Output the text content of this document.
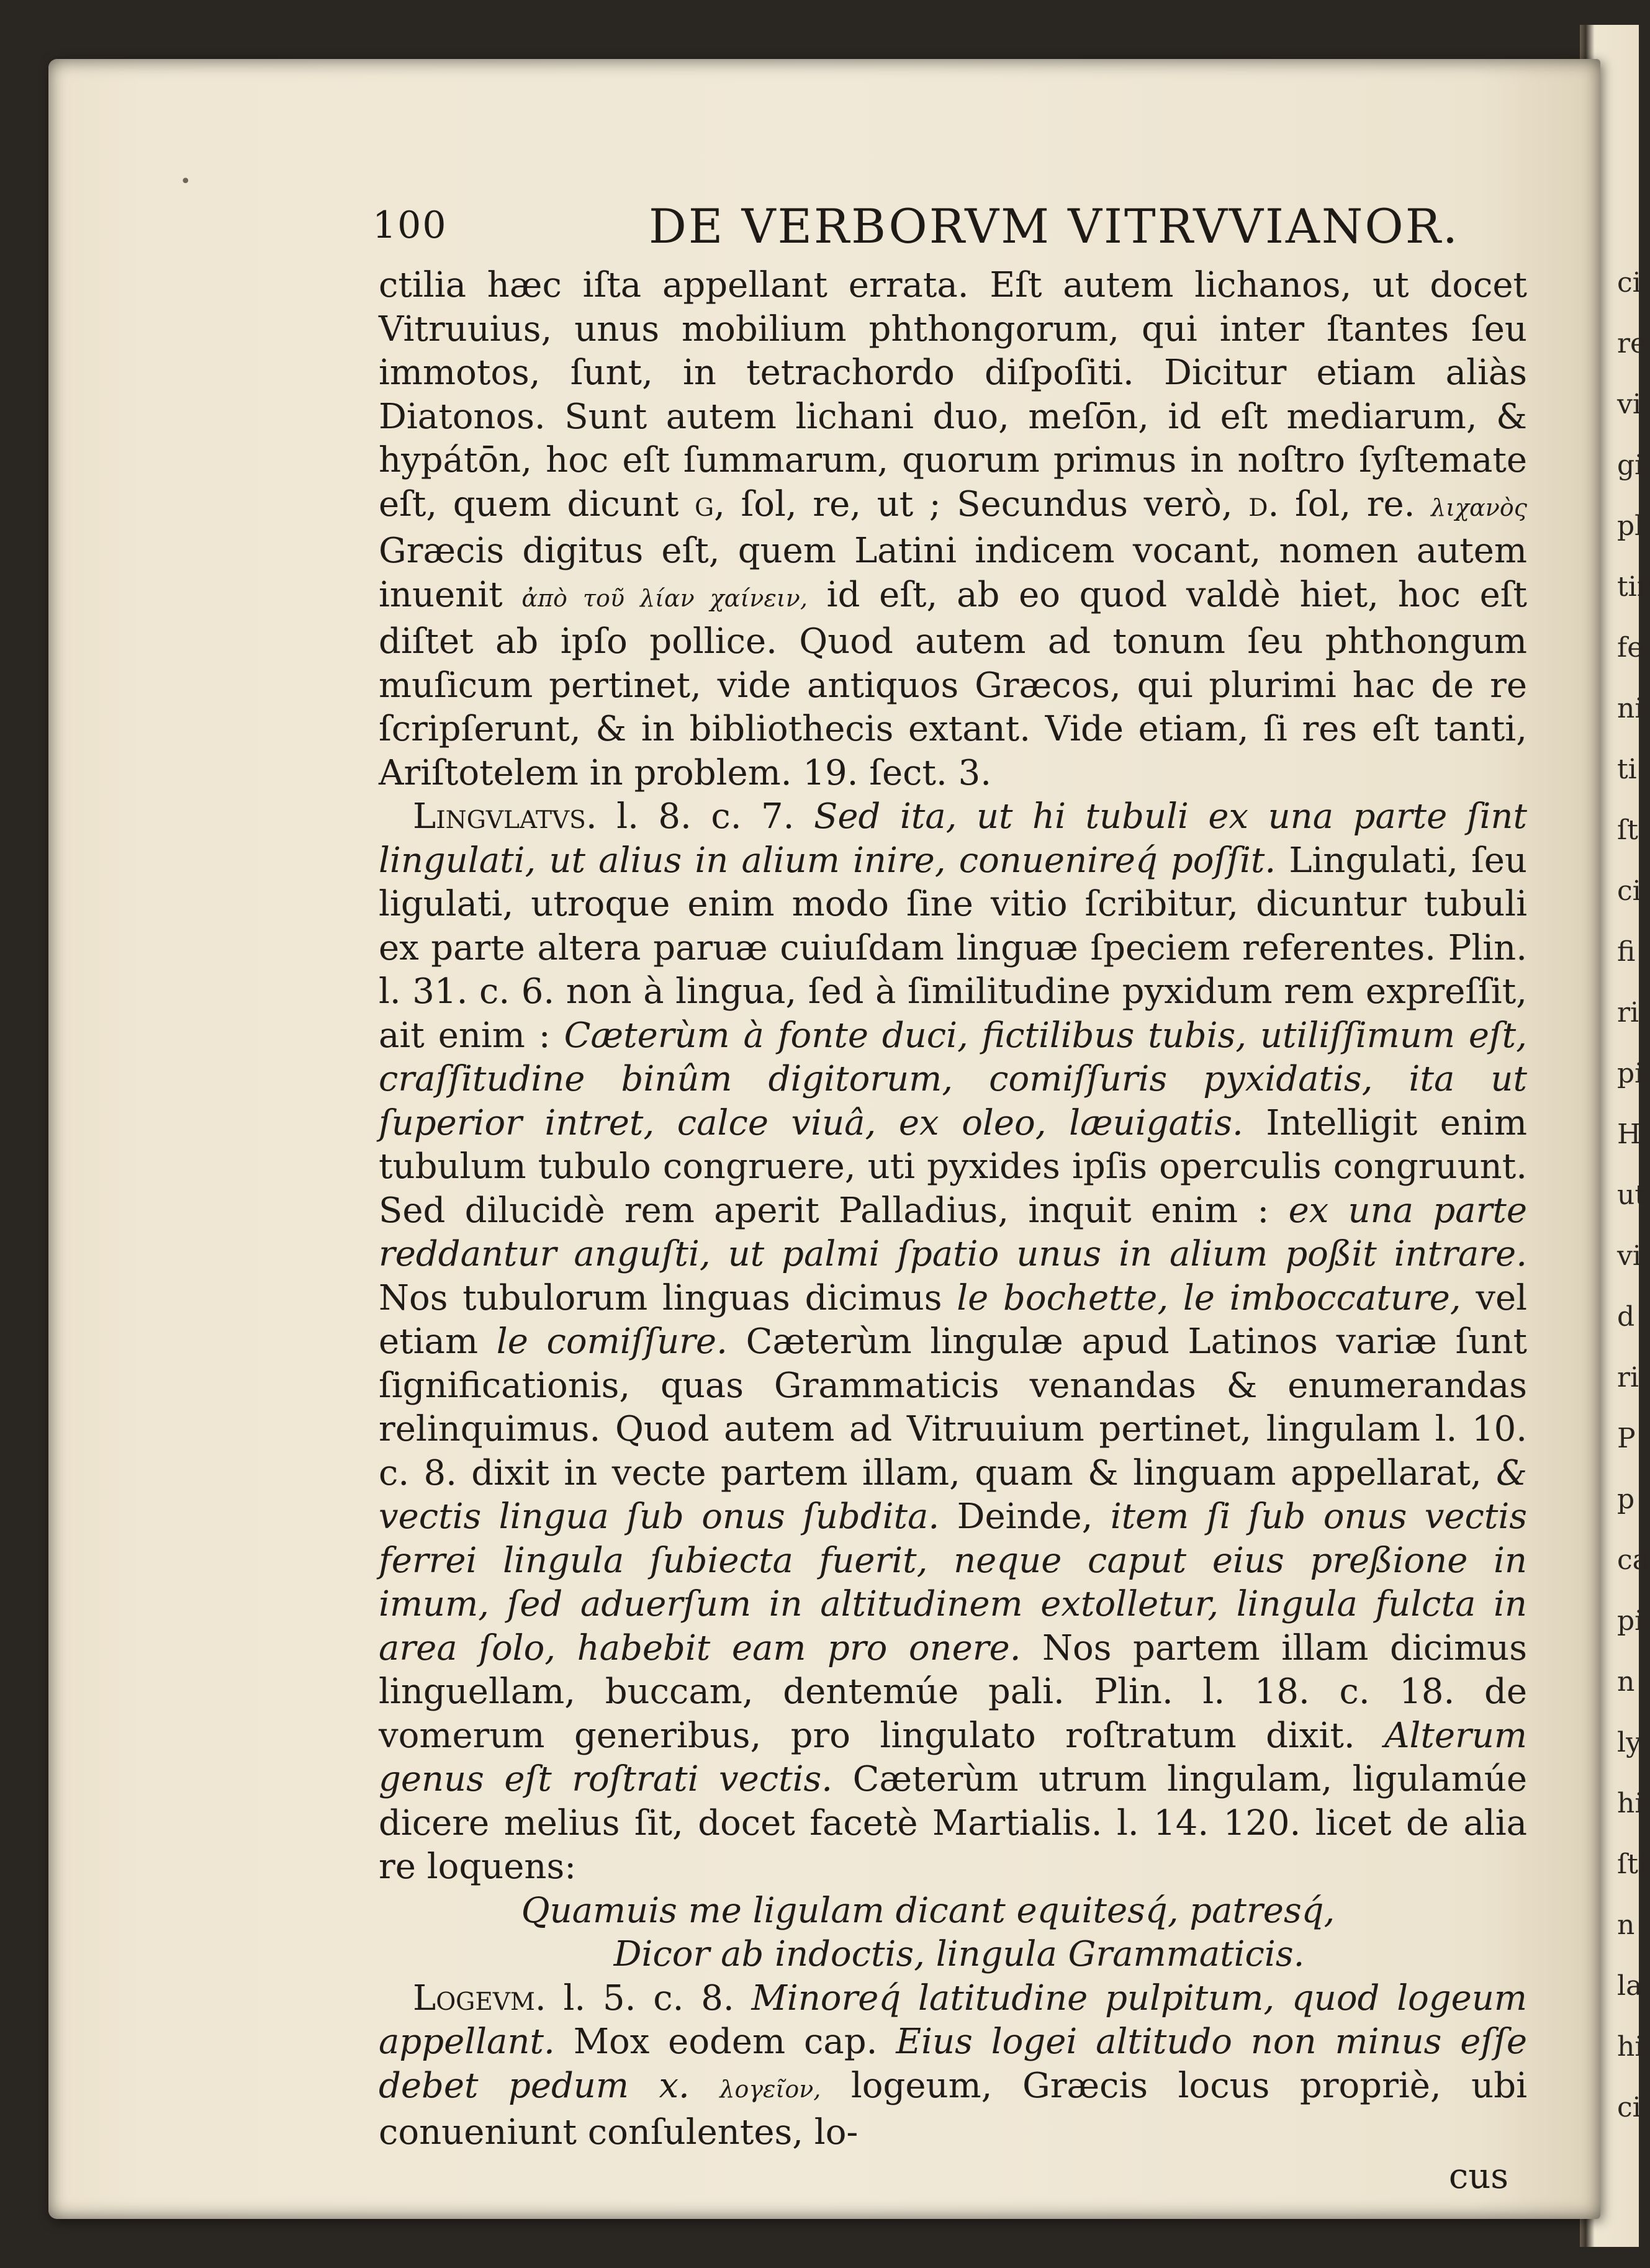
•
100	DE VERBORVM VITRVVIANOR.

ctilia hæc iſta appellant errata. Eſt autem lichanos, ut docet Vitruuius, unus mobilium phthongorum, qui inter ſtantes ſeu immotos, ſunt, in tetrachordo diſpoſiti. Dicitur etiam aliàs Diatonos. Sunt autem lichani duo, meſōn, id eſt mediarum, & hypátōn, hoc eſt ſummarum, quorum primus in noſtro ſyſtemate eſt, quem dicunt g, ſol, re, ut ; Secundus verò, d. ſol, re. λιχανὸς Græcis digitus eſt, quem Latini indicem vocant, nomen autem inuenit ἀπὸ τοῦ λίαν χαίνειν, id eſt, ab eo quod valdè hiet, hoc eſt diſtet ab ipſo pollice. Quod autem ad tonum ſeu phthongum muſicum pertinet, vide antiquos Græcos, qui plurimi hac de re ſcripſerunt, & in bibliothecis extant. Vide etiam, ſi res eſt tanti, Ariſtotelem in problem. 19. ſect. 3.

Lingvlatvs. l. 8. c. 7. Sed ita, ut hi tubuli ex una parte ſint lingulati, ut alius in alium inire, conuenireq́ poſſit. Lingulati, ſeu ligulati, utroque enim modo ſine vitio ſcribitur, dicuntur tubuli ex parte altera paruæ cuiuſdam linguæ ſpeciem referentes. Plin. l. 31. c. 6. non à lingua, ſed à ſimilitudine pyxidum rem expreſſit, ait enim : Cæterùm à fonte duci, fictilibus tubis, utiliſſimum eſt, craſſitudine binûm digitorum, comiſſuris pyxidatis, ita ut ſuperior intret, calce viuâ, ex oleo, læuigatis. Intelligit enim tubulum tubulo congruere, uti pyxides ipſis operculis congruunt. Sed dilucidè rem aperit Palladius, inquit enim : ex una parte reddantur anguſti, ut palmi ſpatio unus in alium poßit intrare. Nos tubulorum linguas dicimus le bochette, le imboccature, vel etiam le comiſſure. Cæterùm lingulæ apud Latinos variæ ſunt ſignificationis, quas Grammaticis venandas & enumerandas relinquimus. Quod autem ad Vitruuium pertinet, lingulam l. 10. c. 8. dixit in vecte partem illam, quam & linguam appellarat, & vectis lingua ſub onus ſubdita. Deinde, item ſi ſub onus vectis ferrei lingula ſubiecta fuerit, neque caput eius preßione in imum, ſed aduerſum in altitudinem extolletur, lingula fulcta in area ſolo, habebit eam pro onere. Nos partem illam dicimus linguellam, buccam, dentemúe pali. Plin. l. 18. c. 18. de vomerum generibus, pro lingulato roſtratum dixit. Alterum genus eſt roſtrati vectis. Cæterùm utrum lingulam, ligulamúe dicere melius ſit, docet facetè Martialis. l. 14. 120. licet de alia re loquens:

Quamuis me ligulam dicant equitesq́, patresq́,
Dicor ab indoctis, lingula Grammaticis.

Logevm. l. 5. c. 8. Minoreq́ latitudine pulpitum, quod logeum appellant. Mox eodem cap. Eius logei altitudo non minus eſſe debet pedum x. λογεῖον, logeum, Græcis locus propriè, ubi conueniunt conſulentes, lo-

cus
ci
re
vi
gi
pl
tir
fe
ni
ti
ſt
ci
fi
ri
pi
H
ut
vi
d
ri
P
p
ca
pi
n
ly
hi
ſti
n
la
hi
ci
